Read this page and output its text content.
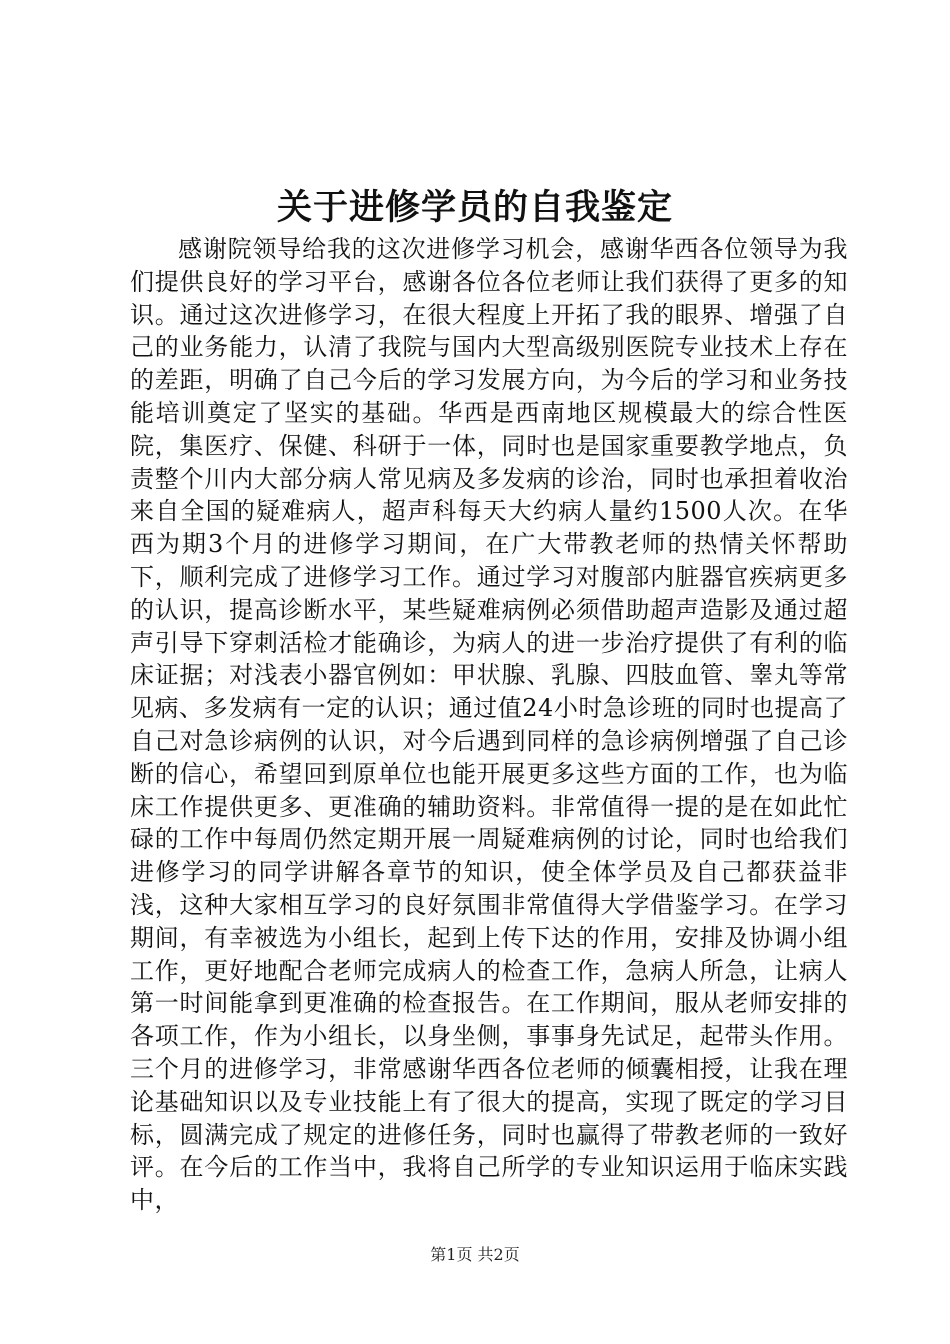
关于进修学员的自我鉴定

感谢院领导给我的这次进修学习机会，感谢华西各位领导为我们提供良好的学习平台，感谢各位各位老师让我们获得了更多的知识。通过这次进修学习，在很大程度上开拓了我的眼界、增强了自己的业务能力，认清了我院与国内大型高级别医院专业技术上存在的差距，明确了自己今后的学习发展方向，为今后的学习和业务技能培训奠定了坚实的基础。华西是西南地区规模最大的综合性医院，集医疗、保健、科研于一体，同时也是国家重要教学地点，负责整个川内大部分病人常见病及多发病的诊治，同时也承担着收治来自全国的疑难病人，超声科每天大约病人量约1500人次。在华西为期3个月的进修学习期间，在广大带教老师的热情关怀帮助下，顺利完成了进修学习工作。通过学习对腹部内脏器官疾病更多的认识，提高诊断水平，某些疑难病例必须借助超声造影及通过超声引导下穿刺活检才能确诊，为病人的进一步治疗提供了有利的临床证据；对浅表小器官例如：甲状腺、乳腺、四肢血管、睾丸等常见病、多发病有一定的认识；通过值24小时急诊班的同时也提高了自己对急诊病例的认识，对今后遇到同样的急诊病例增强了自己诊断的信心，希望回到原单位也能开展更多这些方面的工作，也为临床工作提供更多、更准确的辅助资料。非常值得一提的是在如此忙碌的工作中每周仍然定期开展一周疑难病例的讨论，同时也给我们进修学习的同学讲解各章节的知识，使全体学员及自己都获益非浅，这种大家相互学习的良好氛围非常值得大学借鉴学习。在学习期间，有幸被选为小组长，起到上传下达的作用，安排及协调小组工作，更好地配合老师完成病人的检查工作，急病人所急，让病人第一时间能拿到更准确的检查报告。在工作期间，服从老师安排的各项工作，作为小组长，以身坐侧，事事身先试足，起带头作用。三个月的进修学习，非常感谢华西各位老师的倾囊相授，让我在理论基础知识以及专业技能上有了很大的提高，实现了既定的学习目标，圆满完成了规定的进修任务，同时也赢得了带教老师的一致好评。在今后的工作当中，我将自己所学的专业知识运用于临床实践中，

第1页 共2页
